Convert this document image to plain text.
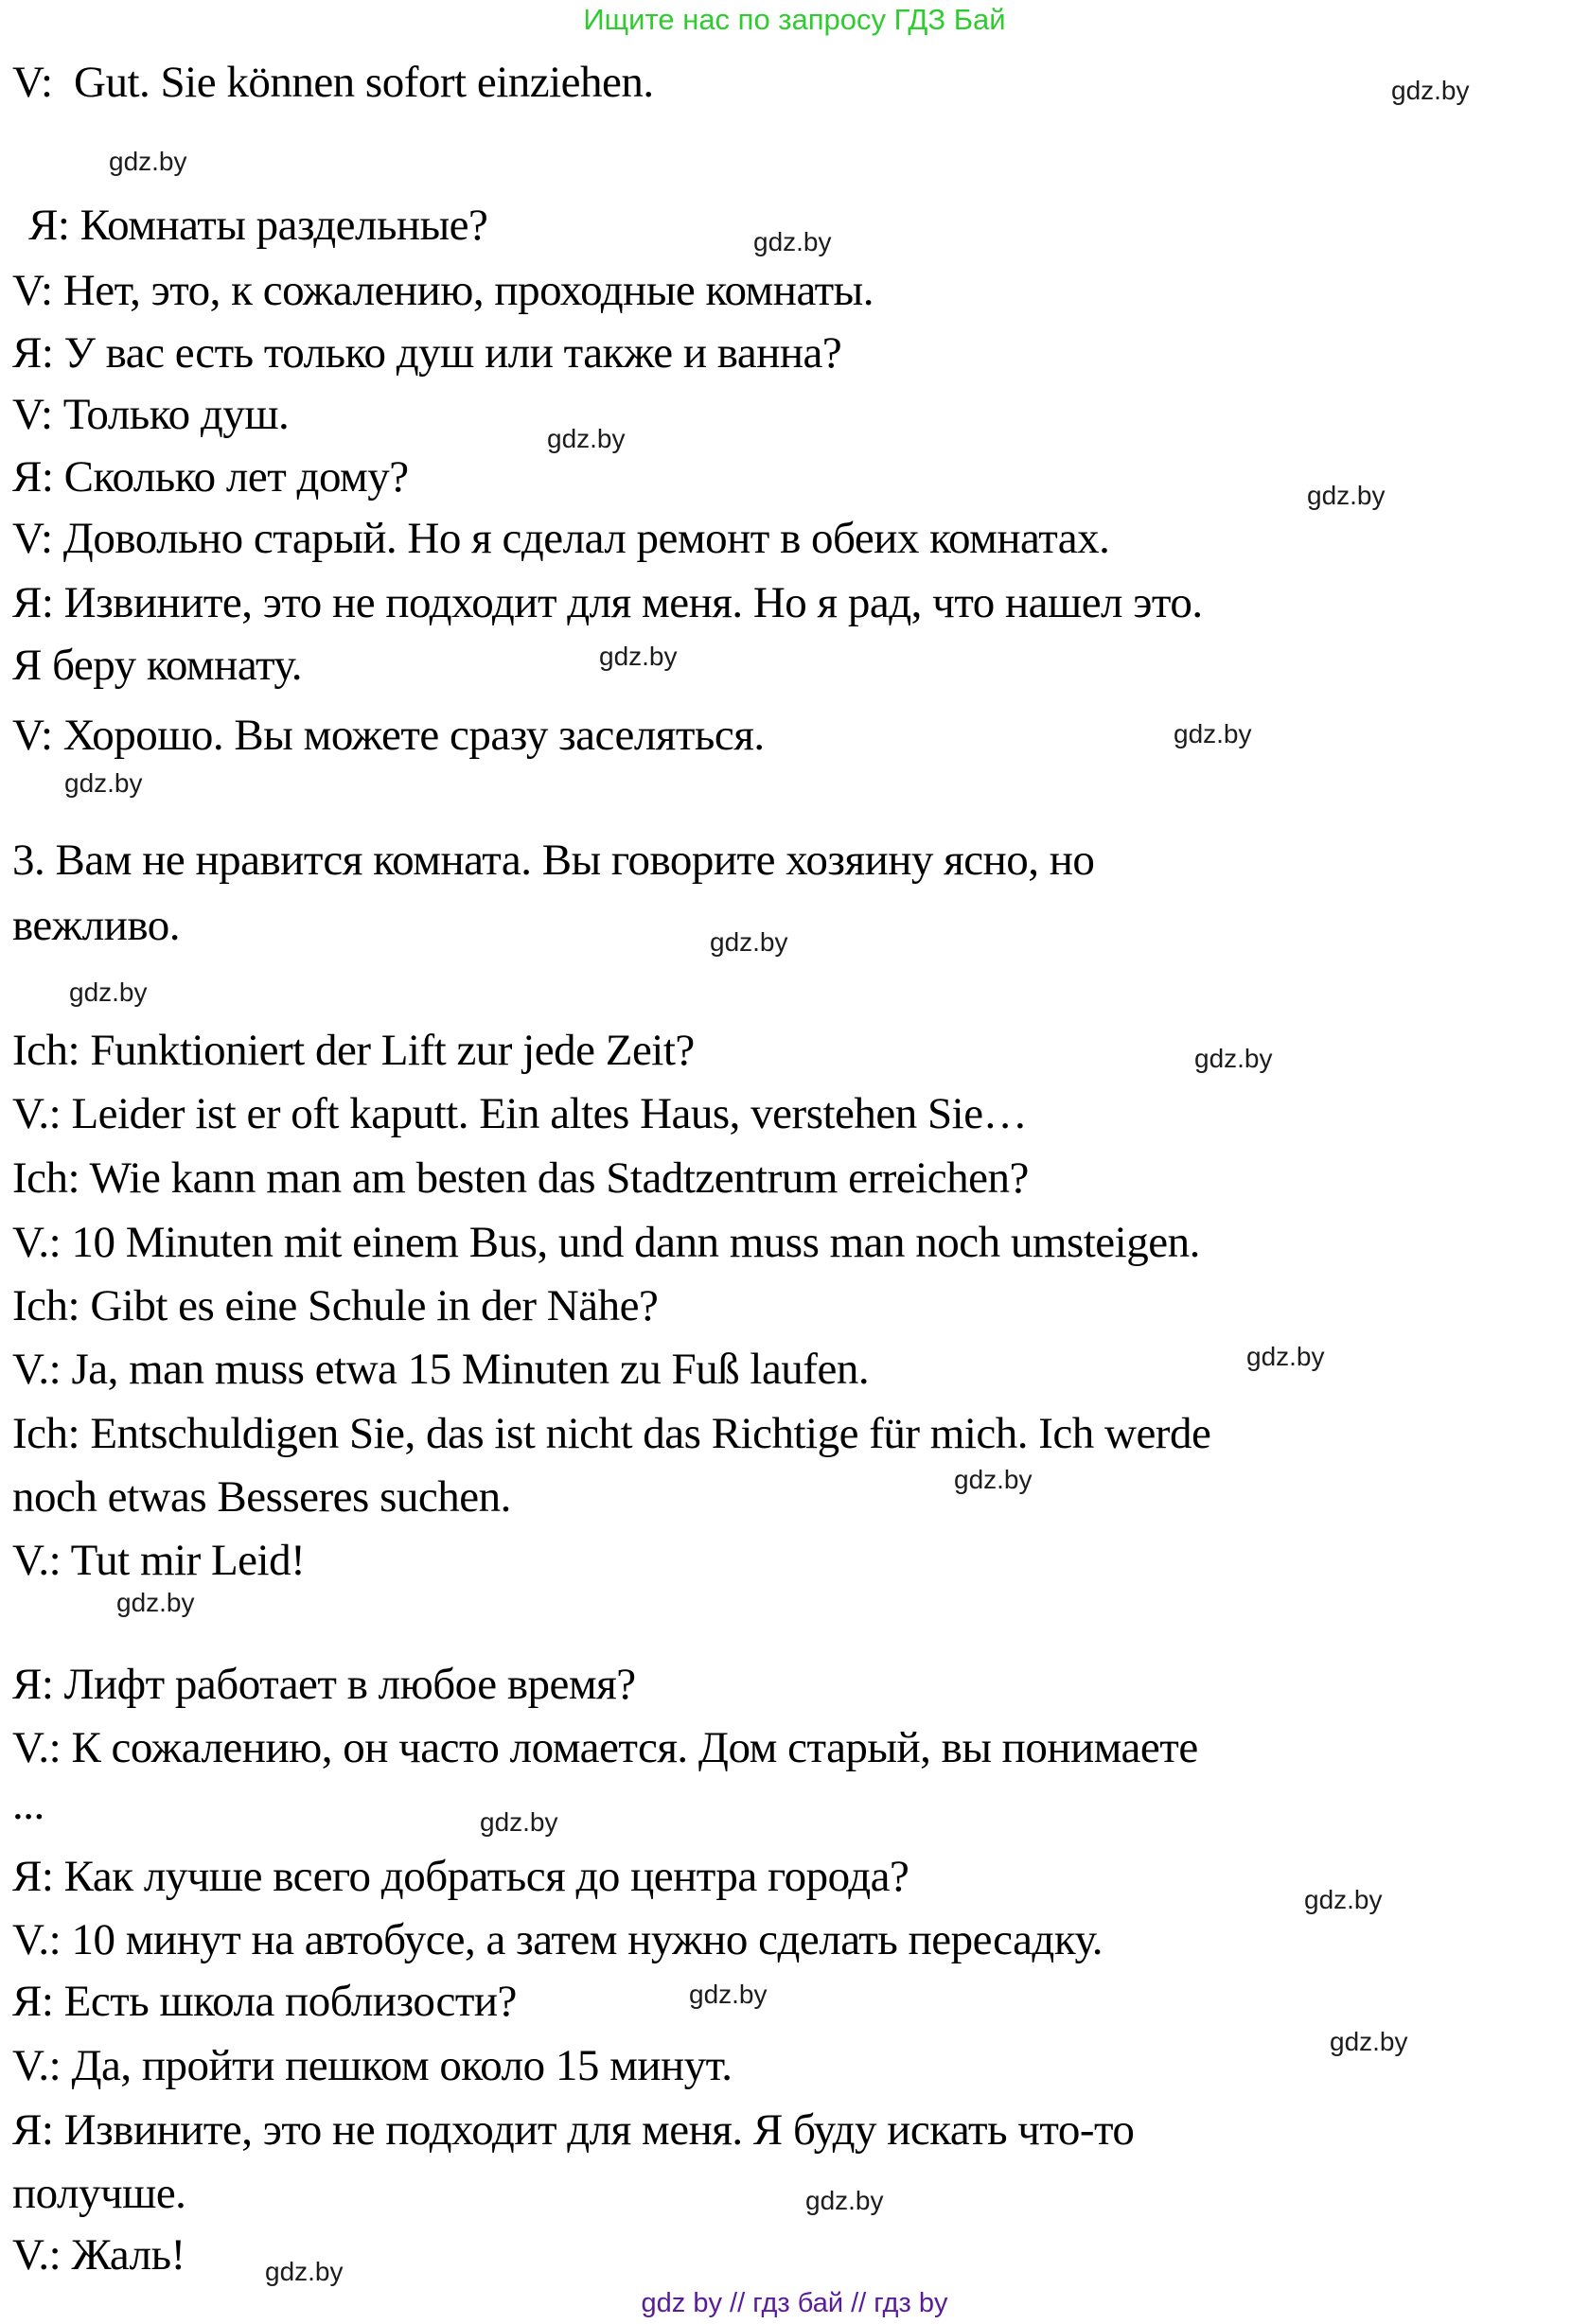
Ищите нас по запросу ГДЗ Бай
V:  Gut. Sie können sofort einziehen.
Я: Комнаты раздельные?
V: Нет, это, к сожалению, проходные комнаты.
Я: У вас есть только душ или также и ванна?
V: Только душ.
Я: Сколько лет дому?
V: Довольно старый. Но я сделал ремонт в обеих комнатах.
Я: Извините, это не подходит для меня. Но я рад, что нашел это.
Я беру комнату.
V: Хорошо. Вы можете сразу заселяться.
3. Вам не нравится комната. Вы говорите хозяину ясно, но
вежливо.
Ich: Funktioniert der Lift zur jede Zeit?
V.: Leider ist er oft kaputt. Ein altes Haus, verstehen Sie…
Ich: Wie kann man am besten das Stadtzentrum erreichen?
V.: 10 Minuten mit einem Bus, und dann muss man noch umsteigen.
Ich: Gibt es eine Schule in der Nähe?
V.: Ja, man muss etwa 15 Minuten zu Fuß laufen.
Ich: Entschuldigen Sie, das ist nicht das Richtige für mich. Ich werde
noch etwas Besseres suchen.
V.: Tut mir Leid!
Я: Лифт работает в любое время?
V.: К сожалению, он часто ломается. Дом старый, вы понимаете
...
Я: Как лучше всего добраться до центра города?
V.: 10 минут на автобусе, а затем нужно сделать пересадку.
Я: Есть школа поблизости?
V.: Да, пройти пешком около 15 минут.
Я: Извините, это не подходит для меня. Я буду искать что-то
получше.
V.: Жаль!
gdz.by
gdz.by
gdz.by
gdz.by
gdz.by
gdz.by
gdz.by
gdz.by
gdz.by
gdz.by
gdz.by
gdz.by
gdz.by
gdz.by
gdz.by
gdz.by
gdz.by
gdz.by
gdz.by
gdz.by
gdz by // гдз бай // гдз by
